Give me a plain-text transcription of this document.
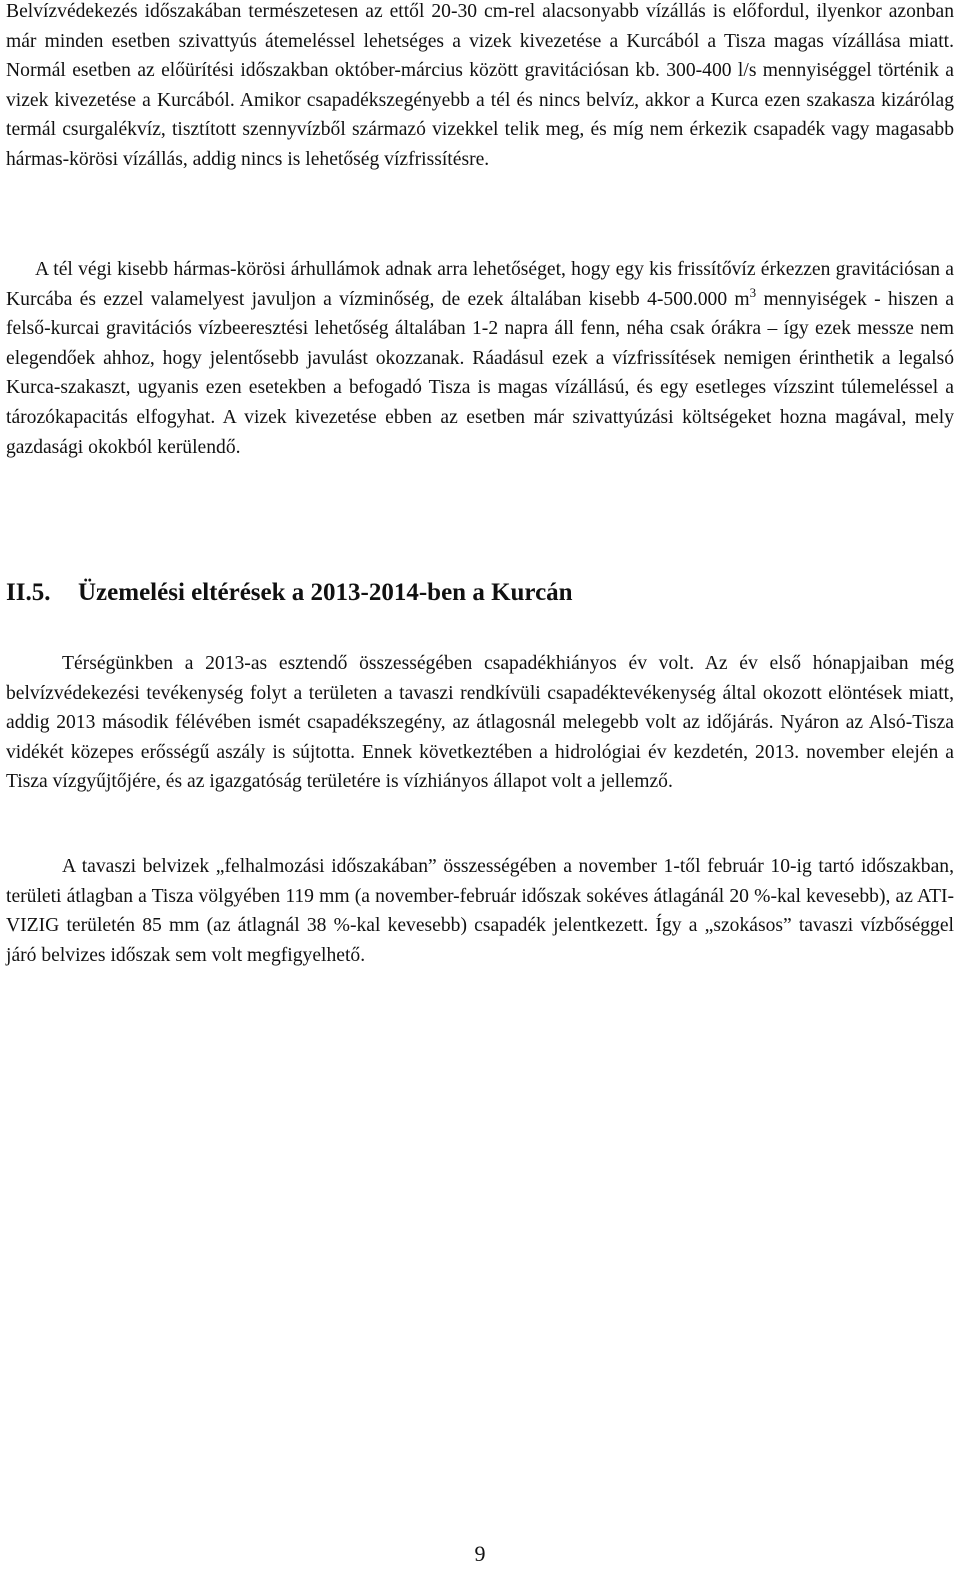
Belvízvédekezés időszakában természetesen az ettől 20-30 cm-rel alacsonyabb vízállás is előfordul, ilyenkor azonban már minden esetben szivattyús átemeléssel lehetséges a vizek kivezetése a Kurcából a Tisza magas vízállása miatt. Normál esetben az előürítési időszakban október-március között gravitációsan kb. 300-400 l/s mennyiséggel történik a vizek kivezetése a Kurcából. Amikor csapadékszegényebb a tél és nincs belvíz, akkor a Kurca ezen szakasza kizárólag termál csurgalékvíz, tisztított szennyvízből származó vizekkel telik meg, és míg nem érkezik csapadék vagy magasabb hármas-körösi vízállás, addig nincs is lehetőség vízfrissítésre.

A tél végi kisebb hármas-körösi árhullámok adnak arra lehetőséget, hogy egy kis frissítővíz érkezzen gravitációsan a Kurcába és ezzel valamelyest javuljon a vízminőség, de ezek általában kisebb 4-500.000 $m^3$ mennyiségek - hiszen a felső-kurcai gravitációs vízbeeresztési lehetőség általában 1-2 napra áll fenn, néha csak órákra – így ezek messze nem elegendőek ahhoz, hogy jelentősebb javulást okozzanak. Ráadásul ezek a vízfrissítések nemigen érinthetik a legalsó Kurca-szakaszt, ugyanis ezen esetekben a befogadó Tisza is magas vízállású, és egy esetleges vízszint túlemeléssel a tározókapacitás elfogyhat. A vizek kivezetése ebben az esetben már szivattyúzási költségeket hozna magával, mely gazdasági okokból kerülendő.

II.5. Üzemelési eltérések a 2013-2014-ben a Kurcán

Térségünkben a 2013-as esztendő összességében csapadékhiányos év volt. Az év első hónapjaiban még belvízvédekezési tevékenység folyt a területen a tavaszi rendkívüli csapadéktevékenység által okozott elöntések miatt, addig 2013 második félévében ismét csapadékszegény, az átlagosnál melegebb volt az időjárás. Nyáron az Alsó-Tisza vidékét közepes erősségű aszály is sújtotta. Ennek következtében a hidrológiai év kezdetén, 2013. november elején a Tisza vízgyűjtőjére, és az igazgatóság területére is vízhiányos állapot volt a jellemző.

A tavaszi belvizek „felhalmozási időszakában” összességében a november 1-től február 10-ig tartó időszakban, területi átlagban a Tisza völgyében 119 mm (a november-február időszak sokéves átlagánál 20 %-kal kevesebb), az ATI-VIZIG területén 85 mm (az átlagnál 38 %-kal kevesebb) csapadék jelentkezett. Így a „szokásos” tavaszi vízbőséggel járó belvizes időszak sem volt megfigyelhető.

9
